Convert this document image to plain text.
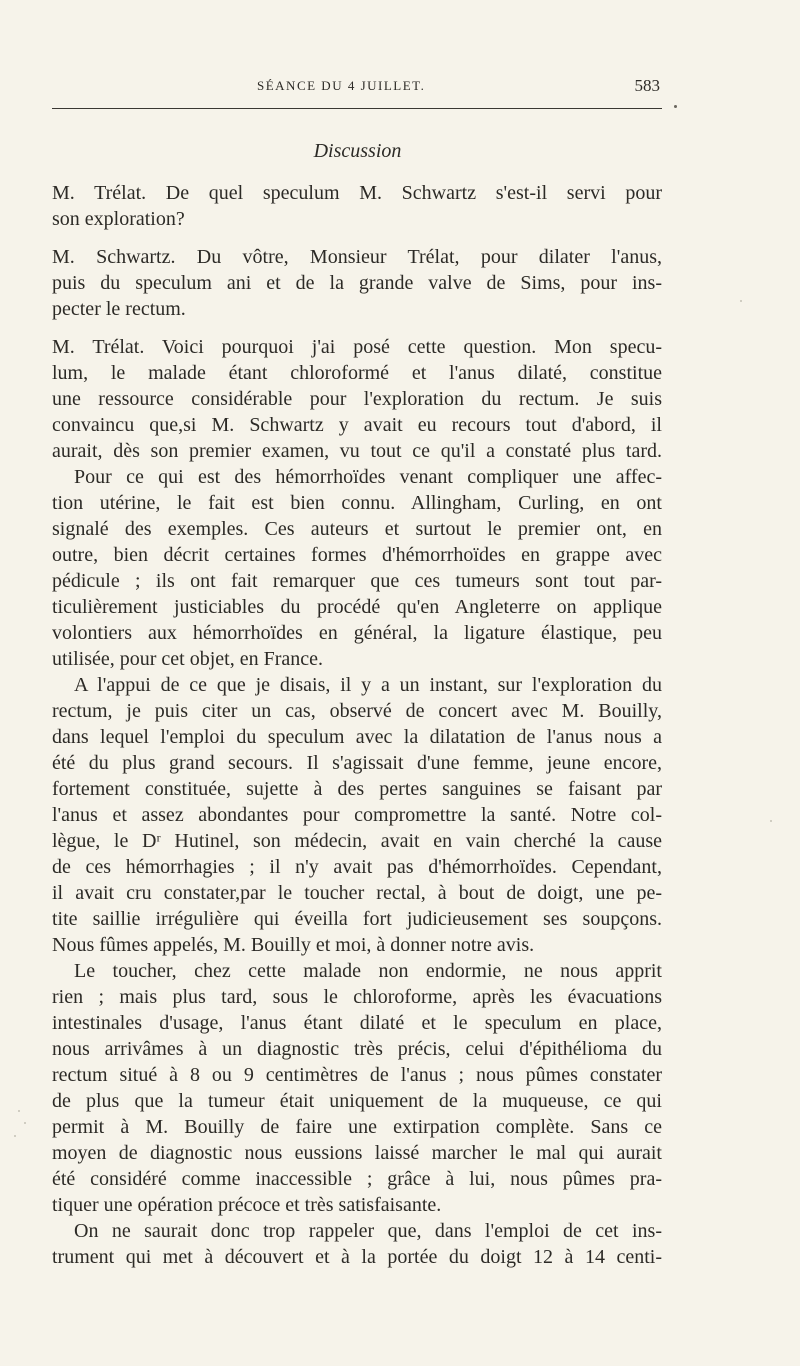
SÉANCE DU 4 JUILLET.	583
Discussion
M. Trélat. De quel speculum M. Schwartz s'est-il servi pour
son exploration?
M. Schwartz. Du vôtre, Monsieur Trélat, pour dilater l'anus,
puis du speculum ani et de la grande valve de Sims, pour ins-
pecter le rectum.
M. Trélat. Voici pourquoi j'ai posé cette question. Mon specu-
lum, le malade étant chloroformé et l'anus dilaté, constitue
une ressource considérable pour l'exploration du rectum. Je suis
convaincu que,si M. Schwartz y avait eu recours tout d'abord, il
aurait, dès son premier examen, vu tout ce qu'il a constaté plus tard.
Pour ce qui est des hémorrhoïdes venant compliquer une affec-
tion utérine, le fait est bien connu. Allingham, Curling, en ont
signalé des exemples. Ces auteurs et surtout le premier ont, en
outre, bien décrit certaines formes d'hémorrhoïdes en grappe avec
pédicule ; ils ont fait remarquer que ces tumeurs sont tout par-
ticulièrement justiciables du procédé qu'en Angleterre on applique
volontiers aux hémorrhoïdes en général, la ligature élastique, peu
utilisée, pour cet objet, en France.
A l'appui de ce que je disais, il y a un instant, sur l'exploration du
rectum, je puis citer un cas, observé de concert avec M. Bouilly,
dans lequel l'emploi du speculum avec la dilatation de l'anus nous a
été du plus grand secours. Il s'agissait d'une femme, jeune encore,
fortement constituée, sujette à des pertes sanguines se faisant par
l'anus et assez abondantes pour compromettre la santé. Notre col-
lègue, le Dʳ Hutinel, son médecin, avait en vain cherché la cause
de ces hémorrhagies ; il n'y avait pas d'hémorrhoïdes. Cependant,
il avait cru constater,par le toucher rectal, à bout de doigt, une pe-
tite saillie irrégulière qui éveilla fort judicieusement ses soupçons.
Nous fûmes appelés, M. Bouilly et moi, à donner notre avis.
Le toucher, chez cette malade non endormie, ne nous apprit
rien ; mais plus tard, sous le chloroforme, après les évacuations
intestinales d'usage, l'anus étant dilaté et le speculum en place,
nous arrivâmes à un diagnostic très précis, celui d'épithélioma du
rectum situé à 8 ou 9 centimètres de l'anus ; nous pûmes constater
de plus que la tumeur était uniquement de la muqueuse, ce qui
permit à M. Bouilly de faire une extirpation complète. Sans ce
moyen de diagnostic nous eussions laissé marcher le mal qui aurait
été considéré comme inaccessible ; grâce à lui, nous pûmes pra-
tiquer une opération précoce et très satisfaisante.
On ne saurait donc trop rappeler que, dans l'emploi de cet ins-
trument qui met à découvert et à la portée du doigt 12 à 14 centi-
